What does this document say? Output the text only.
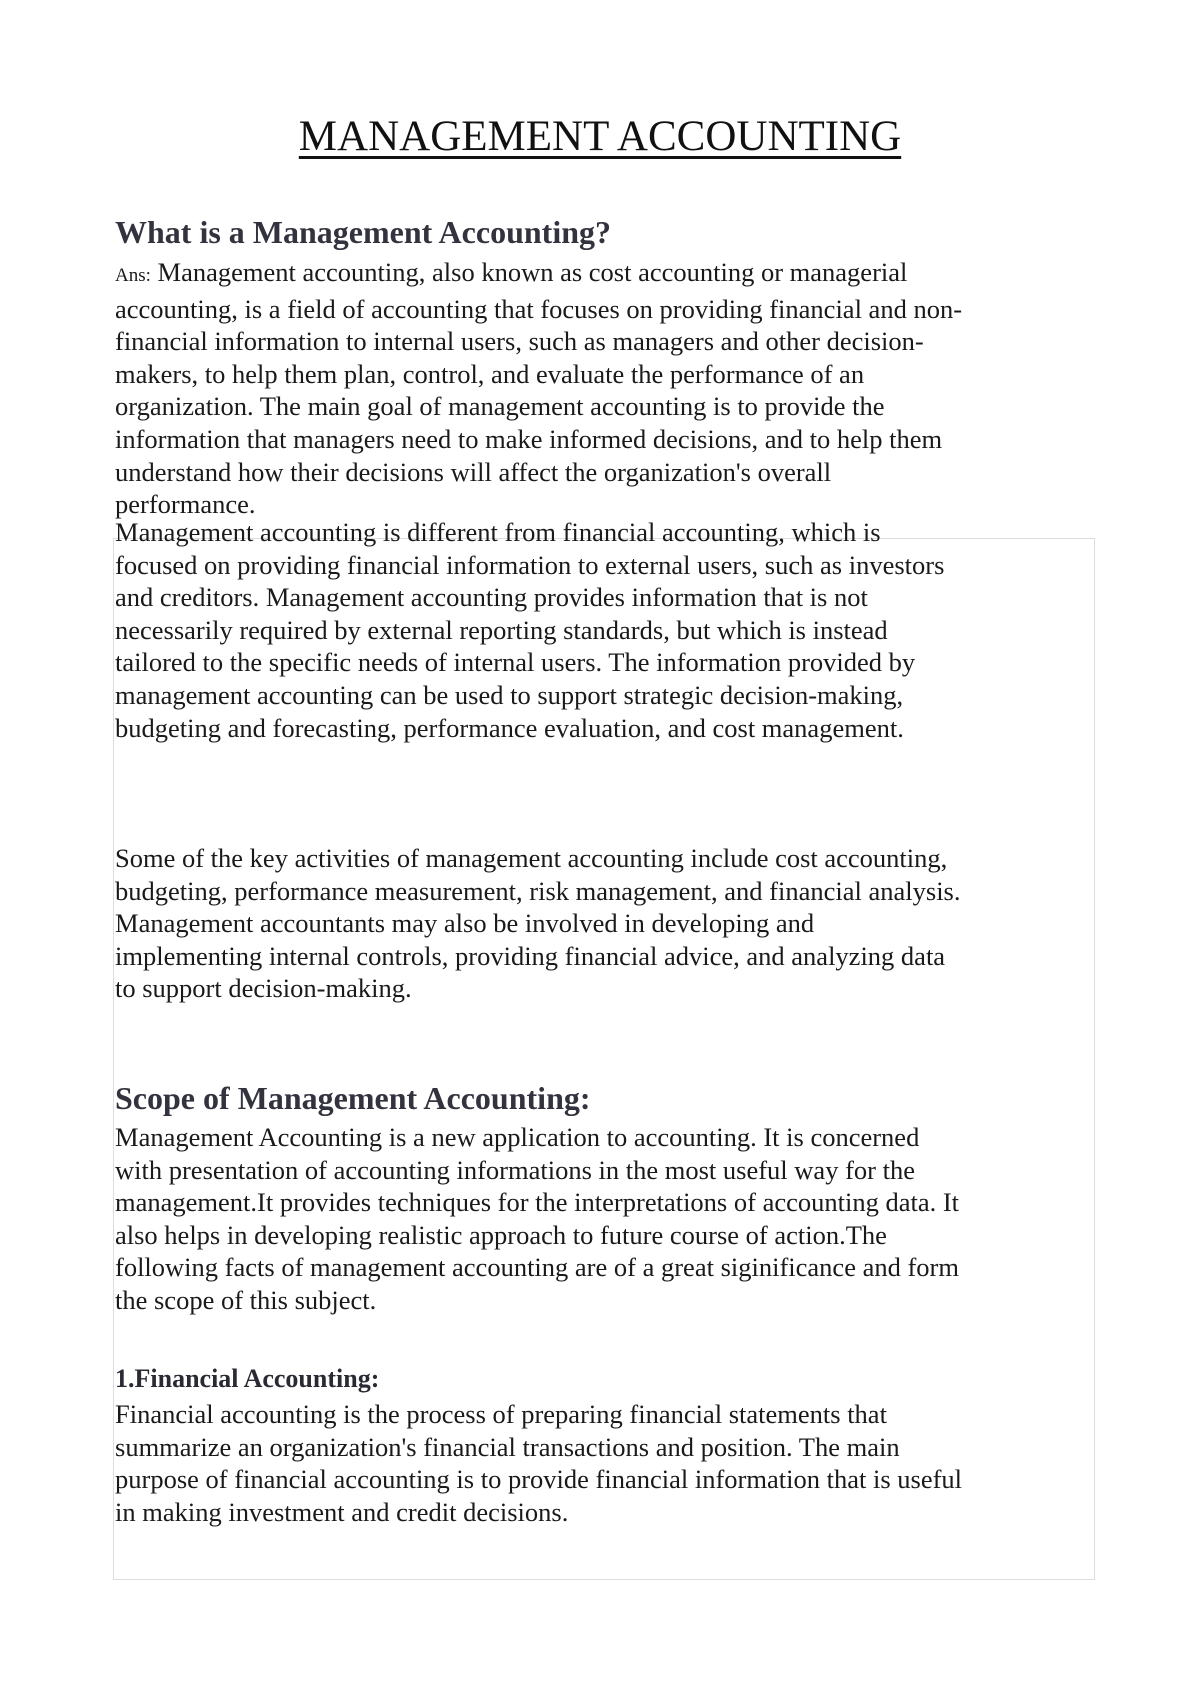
MANAGEMENT ACCOUNTING
What is a Management Accounting?
Ans: Management accounting, also known as cost accounting or managerial
accounting, is a field of accounting that focuses on providing financial and non-
financial information to internal users, such as managers and other decision-
makers, to help them plan, control, and evaluate the performance of an
organization. The main goal of management accounting is to provide the
information that managers need to make informed decisions, and to help them
understand how their decisions will affect the organization's overall
performance.
Management accounting is different from financial accounting, which is
focused on providing financial information to external users, such as investors
and creditors. Management accounting provides information that is not
necessarily required by external reporting standards, but which is instead
tailored to the specific needs of internal users. The information provided by
management accounting can be used to support strategic decision-making,
budgeting and forecasting, performance evaluation, and cost management.
Some of the key activities of management accounting include cost accounting,
budgeting, performance measurement, risk management, and financial analysis.
Management accountants may also be involved in developing and
implementing internal controls, providing financial advice, and analyzing data
to support decision-making.
Scope of Management Accounting:
Management Accounting is a new application to accounting. It is concerned
with presentation of accounting informations in the most useful way for the
management.It provides techniques for the interpretations of accounting data. It
also helps in developing realistic approach to future course of action.The
following facts of management accounting are of a great siginificance and form
the scope of this subject.
1.Financial Accounting:
Financial accounting is the process of preparing financial statements that
summarize an organization's financial transactions and position. The main
purpose of financial accounting is to provide financial information that is useful
in making investment and credit decisions.
